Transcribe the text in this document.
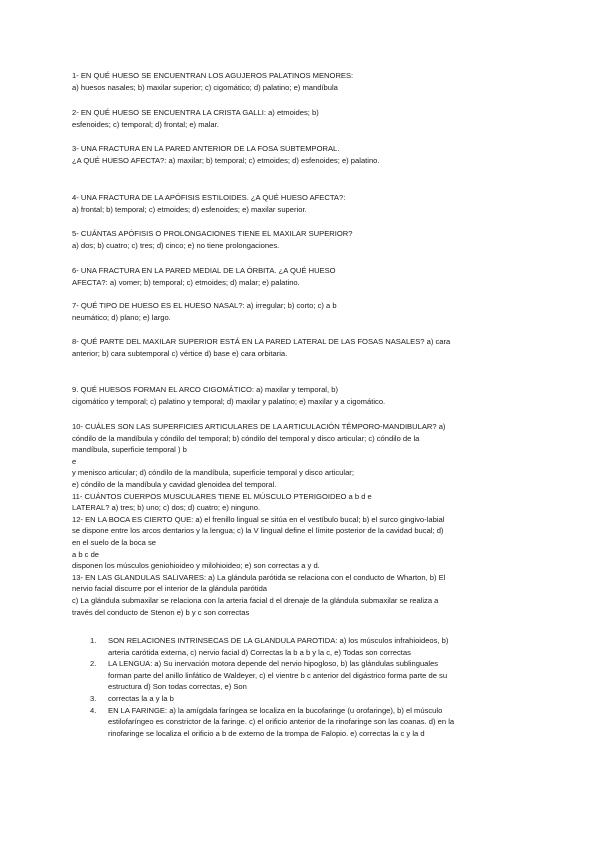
1- EN QUÉ HUESO SE ENCUENTRAN LOS AGUJEROS PALATINOS MENORES:
a) huesos nasales; b) maxilar superior; c) cigomático; d) palatino; e) mandíbula
2- EN QUÉ HUESO SE ENCUENTRA LA CRISTA GALLI: a) etmoides; b)
esfenoides; c) temporal; d) frontal; e) malar.
3- UNA FRACTURA EN LA PARED ANTERIOR DE LA FOSA SUBTEMPORAL.
¿A QUÉ HUESO AFECTA?: a) maxilar; b) temporal; c) etmoides; d) esfenoides; e) palatino.
4- UNA FRACTURA DE LA APÓFISIS ESTILOIDES. ¿A QUÉ HUESO AFECTA?:
a) frontal; b) temporal; c) etmoides; d) esfenoides; e) maxilar superior.
5- CUÁNTAS APÓFISIS O PROLONGACIONES TIENE EL MAXILAR SUPERIOR?
a) dos; b) cuatro; c) tres; d) cinco; e) no tiene prolongaciones.
6- UNA FRACTURA EN LA PARED MEDIAL DE LA ÓRBITA. ¿A QUÉ HUESO
AFECTA?: a) vomer; b) temporal; c) etmoides; d) malar; e) palatino.
7- QUÉ TIPO DE HUESO ES EL HUESO NASAL?: a) irregular; b) corto; c) a b
neumático; d) plano; e) largo.
8- QUÉ PARTE DEL MAXILAR SUPERIOR ESTÁ EN LA PARED LATERAL DE LAS FOSAS NASALES? a) cara
anterior; b) cara subtemporal c) vértice d) base e) cara orbitaria.
9. QUÉ HUESOS FORMAN EL ARCO CIGOMÁTICO: a) maxilar y temporal, b)
cigomático y temporal; c) palatino y temporal; d) maxilar y palatino; e) maxilar y a cigomático.
10- CUÁLES SON LAS SUPERFICIES ARTICULARES DE LA ARTICULACIÓN TÉMPORO-MANDIBULAR? a)
cóndilo de la mandíbula y cóndilo del temporal; b) cóndilo del temporal y disco articular; c) cóndilo de la
mandíbula, superficie temporal ) b
e
y menisco articular; d) cóndilo de la mandíbula, superficie temporal y disco articular;
e) cóndilo de la mandíbula y cavidad glenoidea del temporal.
11- CUÁNTOS CUERPOS MUSCULARES TIENE EL MÚSCULO PTERIGOIDEO a b d e
LATERAL? a) tres; b) uno; c) dos; d) cuatro; e) ninguno.
12- EN LA BOCA ES CIERTO QUE: a) el frenillo lingual se sitúa en el vestíbulo bucal; b) el surco gingivo-labial
se dispone entre los arcos dentarios y la lengua; c) la V lingual define el límite posterior de la cavidad bucal; d)
en el suelo de la boca se
a b c de
disponen los músculos geniohioideo y milohioideo; e) son correctas a y d.
13- EN LAS GLANDULAS SALIVARES: a) La glándula parótida se relaciona con el conducto de Wharton, b) El
nervio facial discurre por el interior de la glándula parótida
c) La glándula submaxilar se relaciona con la arteria facial d el drenaje de la glándula submaxilar se realiza a
través del conducto de Stenon e) b y c son correctas
1. SON RELACIONES INTRINSECAS DE LA GLANDULA PAROTIDA: a) los músculos infrahioideos, b)
arteria carótida externa, c) nervio facial d) Correctas la b a b y la c, e) Todas son correctas
2. LA LENGUA: a) Su inervación motora depende del nervio hipogloso, b) las glándulas sublinguales
forman parte del anillo linfático de Waldeyer, c) el vientre b c anterior del digástrico forma parte de su
estructura d) Son todas correctas, e) Son
3. correctas la a y la b
4. EN LA FARINGE: a) la amígdala faríngea se localiza en la bucofaringe (u orofaringe), b) el músculo
estilofaríngeo es constrictor de la faringe. c) el orificio anterior de la rinofaringe son las coanas. d) en la
rinofaringe se localiza el orificio a b de externo de la trompa de Falopio. e) correctas la c y la d
